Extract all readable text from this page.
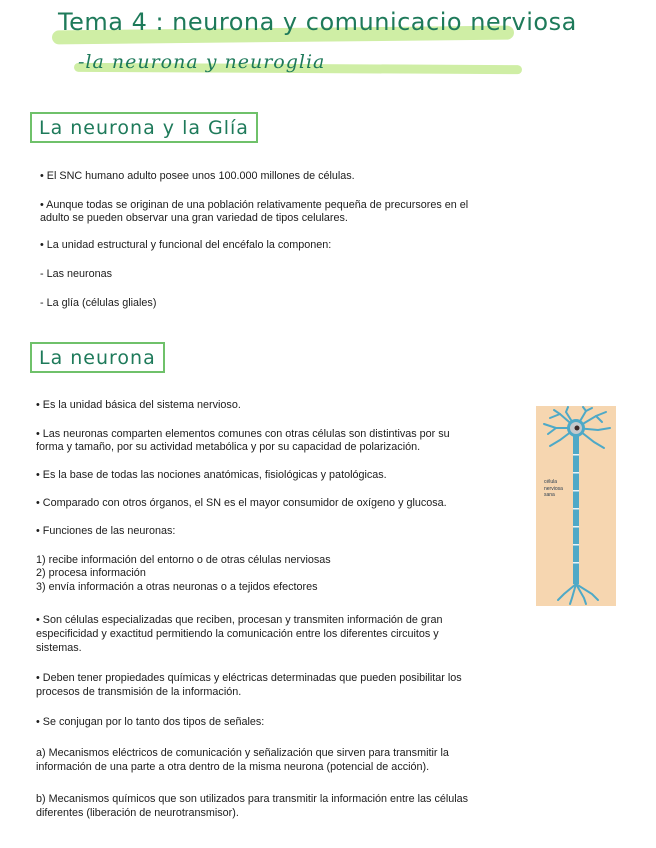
Tema 4 : neurona y comunicacio nerviosa
-la neurona y neuroglia
La neurona y la Glía
• El SNC humano adulto posee unos 100.000 millones de células.
• Aunque todas se originan de una población relativamente pequeña de precursores en el
adulto se pueden observar una gran variedad de tipos celulares.
• La unidad estructural y funcional del encéfalo la componen:
- Las neuronas
- La glía (células gliales)
La neurona
• Es la unidad básica del sistema nervioso.
• Las neuronas comparten elementos comunes con otras células son distintivas por su
forma y tamaño, por su actividad metabólica y por su capacidad de polarización.
• Es la base de todas las nociones anatómicas, fisiológicas y patológicas.
• Comparado con otros órganos, el SN es el mayor consumidor de oxígeno y glucosa.
• Funciones de las neuronas:
1) recibe información del entorno o de otras células nerviosas
2) procesa información
3) envía información a otras neuronas o a tejidos efectores
• Son células especializadas que reciben, procesan y transmiten información de gran
especificidad y exactitud permitiendo la comunicación entre los diferentes circuitos y
sistemas.
• Deben tener propiedades químicas y eléctricas determinadas que pueden posibilitar los
procesos de transmisión de la información.
• Se conjugan por lo tanto dos tipos de señales:
a) Mecanismos eléctricos de comunicación y señalización que sirven para transmitir la
información de una parte a otra dentro de la misma neurona (potencial de acción).
b) Mecanismos químicos que son utilizados para transmitir la información entre las células
diferentes (liberación de neurotransmisor).
célula
nerviosa
sana
